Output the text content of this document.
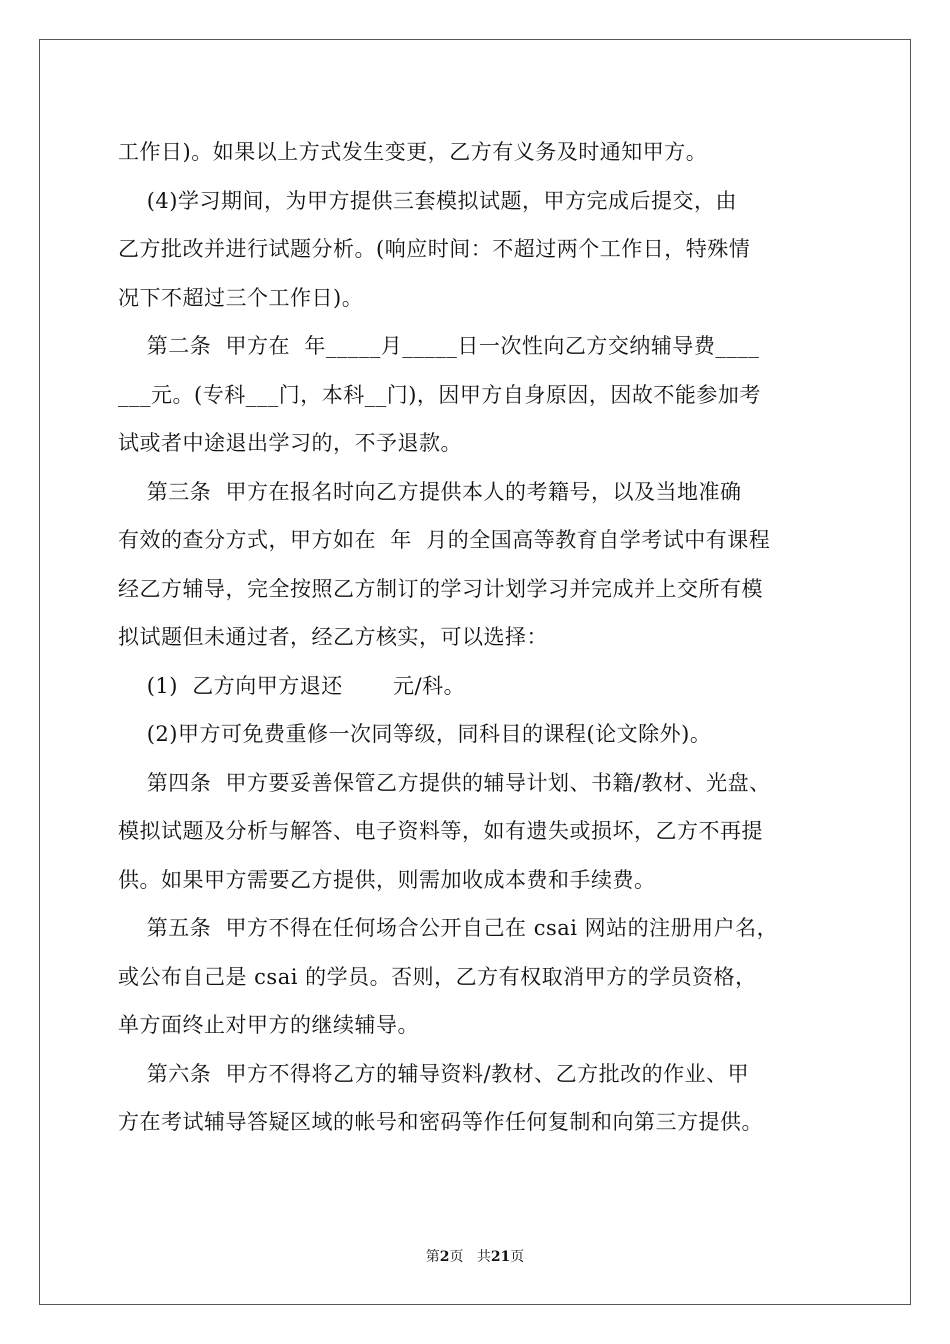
工作日)。如果以上方式发生变更，乙方有义务及时通知甲方。
(4)学习期间，为甲方提供三套模拟试题，甲方完成后提交，由
乙方批改并进行试题分析。(响应时间：不超过两个工作日，特殊情
况下不超过三个工作日)。
第二条  甲方在  年_____月_____日一次性向乙方交纳辅导费____
___元。(专科___门，本科__门)，因甲方自身原因，因故不能参加考
试或者中途退出学习的，不予退款。
第三条  甲方在报名时向乙方提供本人的考籍号，以及当地准确
有效的查分方式，甲方如在  年  月的全国高等教育自学考试中有课程
经乙方辅导，完全按照乙方制订的学习计划学习并完成并上交所有模
拟试题但未通过者，经乙方核实，可以选择：
(1)  乙方向甲方退还       元/科。
(2)甲方可免费重修一次同等级，同科目的课程(论文除外)。
第四条  甲方要妥善保管乙方提供的辅导计划、书籍/教材、光盘、
模拟试题及分析与解答、电子资料等，如有遗失或损坏，乙方不再提
供。如果甲方需要乙方提供，则需加收成本费和手续费。
第五条  甲方不得在任何场合公开自己在 csai 网站的注册用户名，
或公布自己是 csai 的学员。否则，乙方有权取消甲方的学员资格，
单方面终止对甲方的继续辅导。
第六条  甲方不得将乙方的辅导资料/教材、乙方批改的作业、甲
方在考试辅导答疑区域的帐号和密码等作任何复制和向第三方提供。
第2页 共21页
